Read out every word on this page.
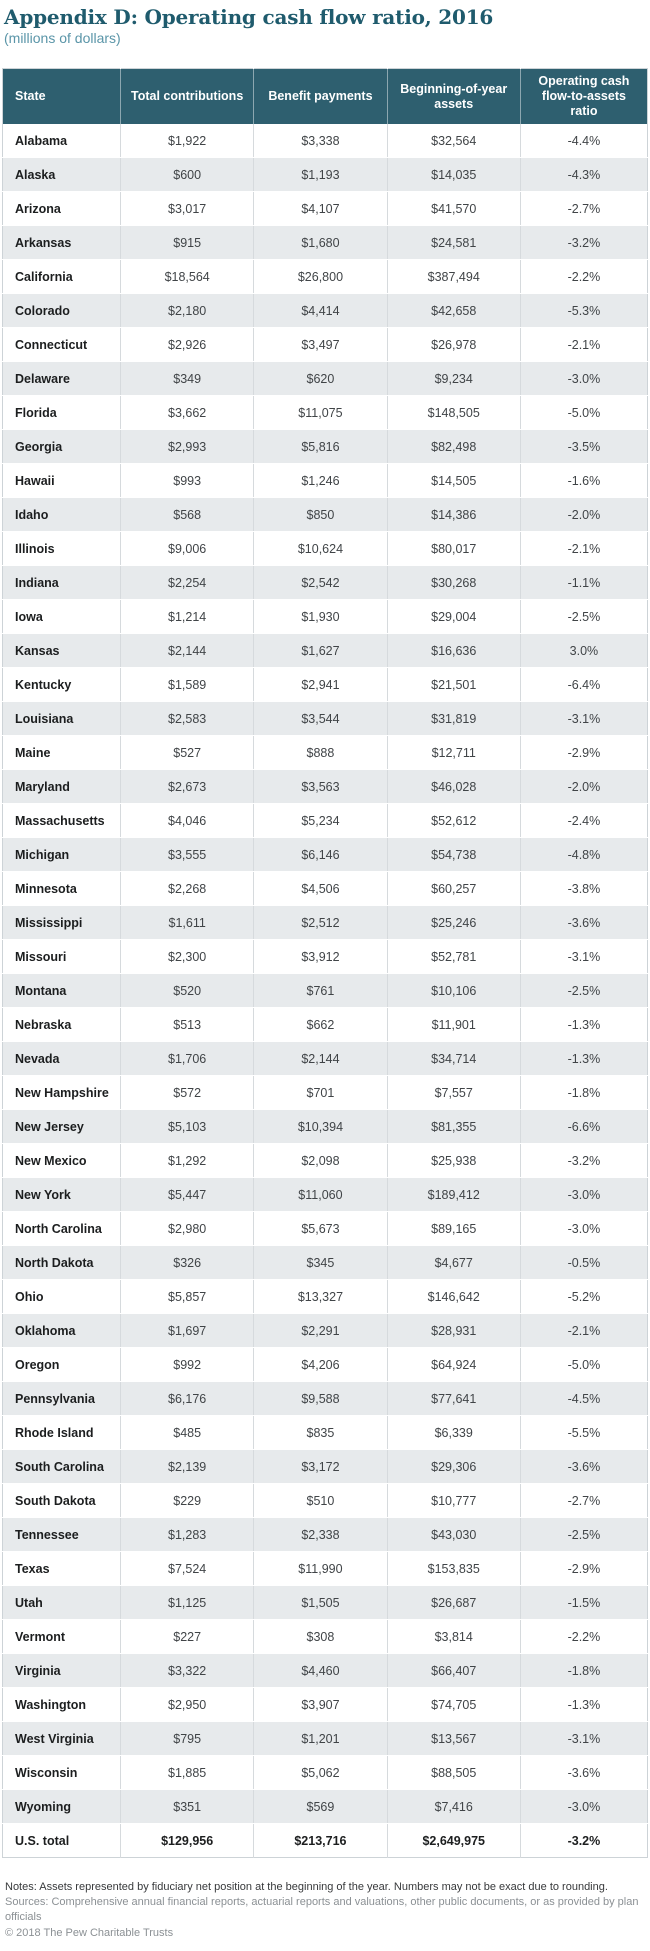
Appendix D: Operating cash flow ratio, 2016

(millions of dollars)

State	Total contributions	Benefit payments	Beginning-of-year assets	Operating cash flow-to-assets ratio
Alabama	$1,922	$3,338	$32,564	-4.4%
Alaska	$600	$1,193	$14,035	-4.3%
Arizona	$3,017	$4,107	$41,570	-2.7%
Arkansas	$915	$1,680	$24,581	-3.2%
California	$18,564	$26,800	$387,494	-2.2%
Colorado	$2,180	$4,414	$42,658	-5.3%
Connecticut	$2,926	$3,497	$26,978	-2.1%
Delaware	$349	$620	$9,234	-3.0%
Florida	$3,662	$11,075	$148,505	-5.0%
Georgia	$2,993	$5,816	$82,498	-3.5%
Hawaii	$993	$1,246	$14,505	-1.6%
Idaho	$568	$850	$14,386	-2.0%
Illinois	$9,006	$10,624	$80,017	-2.1%
Indiana	$2,254	$2,542	$30,268	-1.1%
Iowa	$1,214	$1,930	$29,004	-2.5%
Kansas	$2,144	$1,627	$16,636	3.0%
Kentucky	$1,589	$2,941	$21,501	-6.4%
Louisiana	$2,583	$3,544	$31,819	-3.1%
Maine	$527	$888	$12,711	-2.9%
Maryland	$2,673	$3,563	$46,028	-2.0%
Massachusetts	$4,046	$5,234	$52,612	-2.4%
Michigan	$3,555	$6,146	$54,738	-4.8%
Minnesota	$2,268	$4,506	$60,257	-3.8%
Mississippi	$1,611	$2,512	$25,246	-3.6%
Missouri	$2,300	$3,912	$52,781	-3.1%
Montana	$520	$761	$10,106	-2.5%
Nebraska	$513	$662	$11,901	-1.3%
Nevada	$1,706	$2,144	$34,714	-1.3%
New Hampshire	$572	$701	$7,557	-1.8%
New Jersey	$5,103	$10,394	$81,355	-6.6%
New Mexico	$1,292	$2,098	$25,938	-3.2%
New York	$5,447	$11,060	$189,412	-3.0%
North Carolina	$2,980	$5,673	$89,165	-3.0%
North Dakota	$326	$345	$4,677	-0.5%
Ohio	$5,857	$13,327	$146,642	-5.2%
Oklahoma	$1,697	$2,291	$28,931	-2.1%
Oregon	$992	$4,206	$64,924	-5.0%
Pennsylvania	$6,176	$9,588	$77,641	-4.5%
Rhode Island	$485	$835	$6,339	-5.5%
South Carolina	$2,139	$3,172	$29,306	-3.6%
South Dakota	$229	$510	$10,777	-2.7%
Tennessee	$1,283	$2,338	$43,030	-2.5%
Texas	$7,524	$11,990	$153,835	-2.9%
Utah	$1,125	$1,505	$26,687	-1.5%
Vermont	$227	$308	$3,814	-2.2%
Virginia	$3,322	$4,460	$66,407	-1.8%
Washington	$2,950	$3,907	$74,705	-1.3%
West Virginia	$795	$1,201	$13,567	-3.1%
Wisconsin	$1,885	$5,062	$88,505	-3.6%
Wyoming	$351	$569	$7,416	-3.0%
U.S. total	$129,956	$213,716	$2,649,975	-3.2%

Notes: Assets represented by fiduciary net position at the beginning of the year. Numbers may not be exact due to rounding.

Sources: Comprehensive annual financial reports, actuarial reports and valuations, other public documents, or as provided by plan officials

© 2018 The Pew Charitable Trusts
